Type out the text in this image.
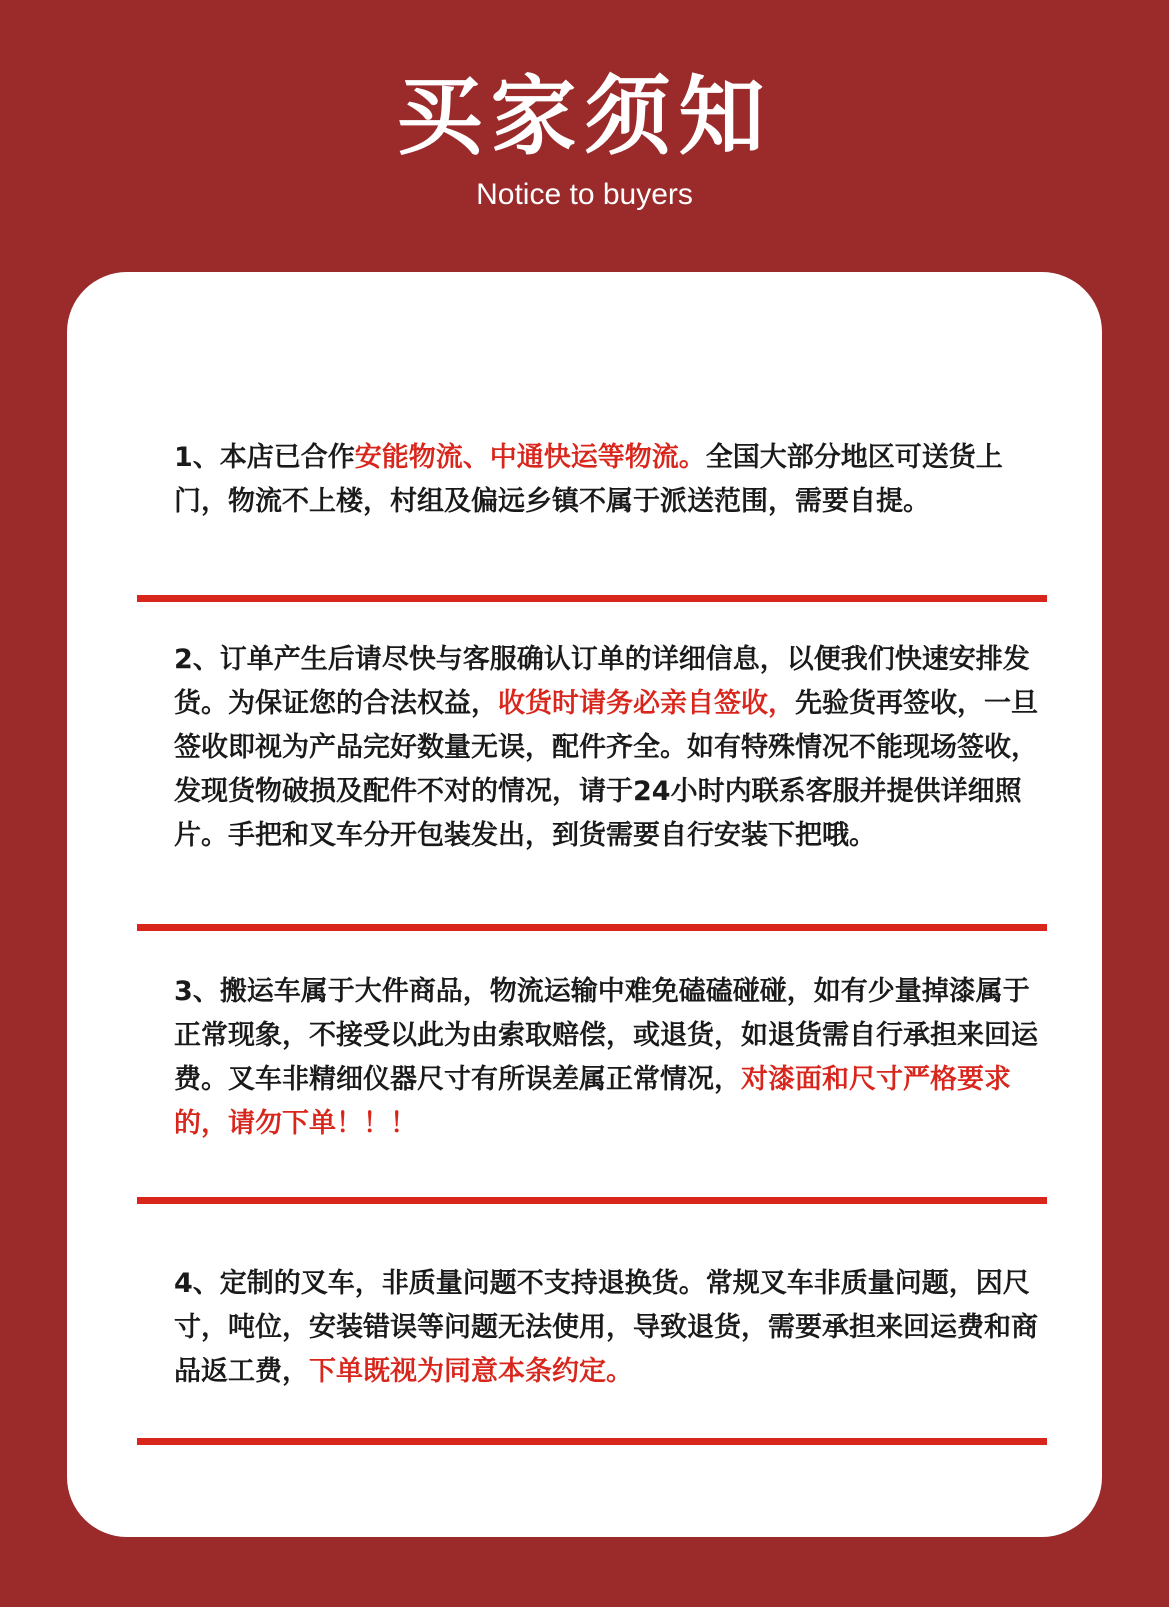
买家须知
Notice to buyers
1、本店已合作安能物流、中通快运等物流。全国大部分地区可送货上门，物流不上楼，村组及偏远乡镇不属于派送范围，需要自提。
2、订单产生后请尽快与客服确认订单的详细信息，以便我们快速安排发货。为保证您的合法权益，收货时请务必亲自签收，先验货再签收，一旦签收即视为产品完好数量无误，配件齐全。如有特殊情况不能现场签收，发现货物破损及配件不对的情况，请于24小时内联系客服并提供详细照片。手把和叉车分开包装发出，到货需要自行安装下把哦。
3、搬运车属于大件商品，物流运输中难免磕磕碰碰，如有少量掉漆属于正常现象，不接受以此为由索取赔偿，或退货，如退货需自行承担来回运费。叉车非精细仪器尺寸有所误差属正常情况，对漆面和尺寸严格要求的，请勿下单！！！
4、定制的叉车，非质量问题不支持退换货。常规叉车非质量问题，因尺寸，吨位，安装错误等问题无法使用，导致退货，需要承担来回运费和商品返工费，下单既视为同意本条约定。
